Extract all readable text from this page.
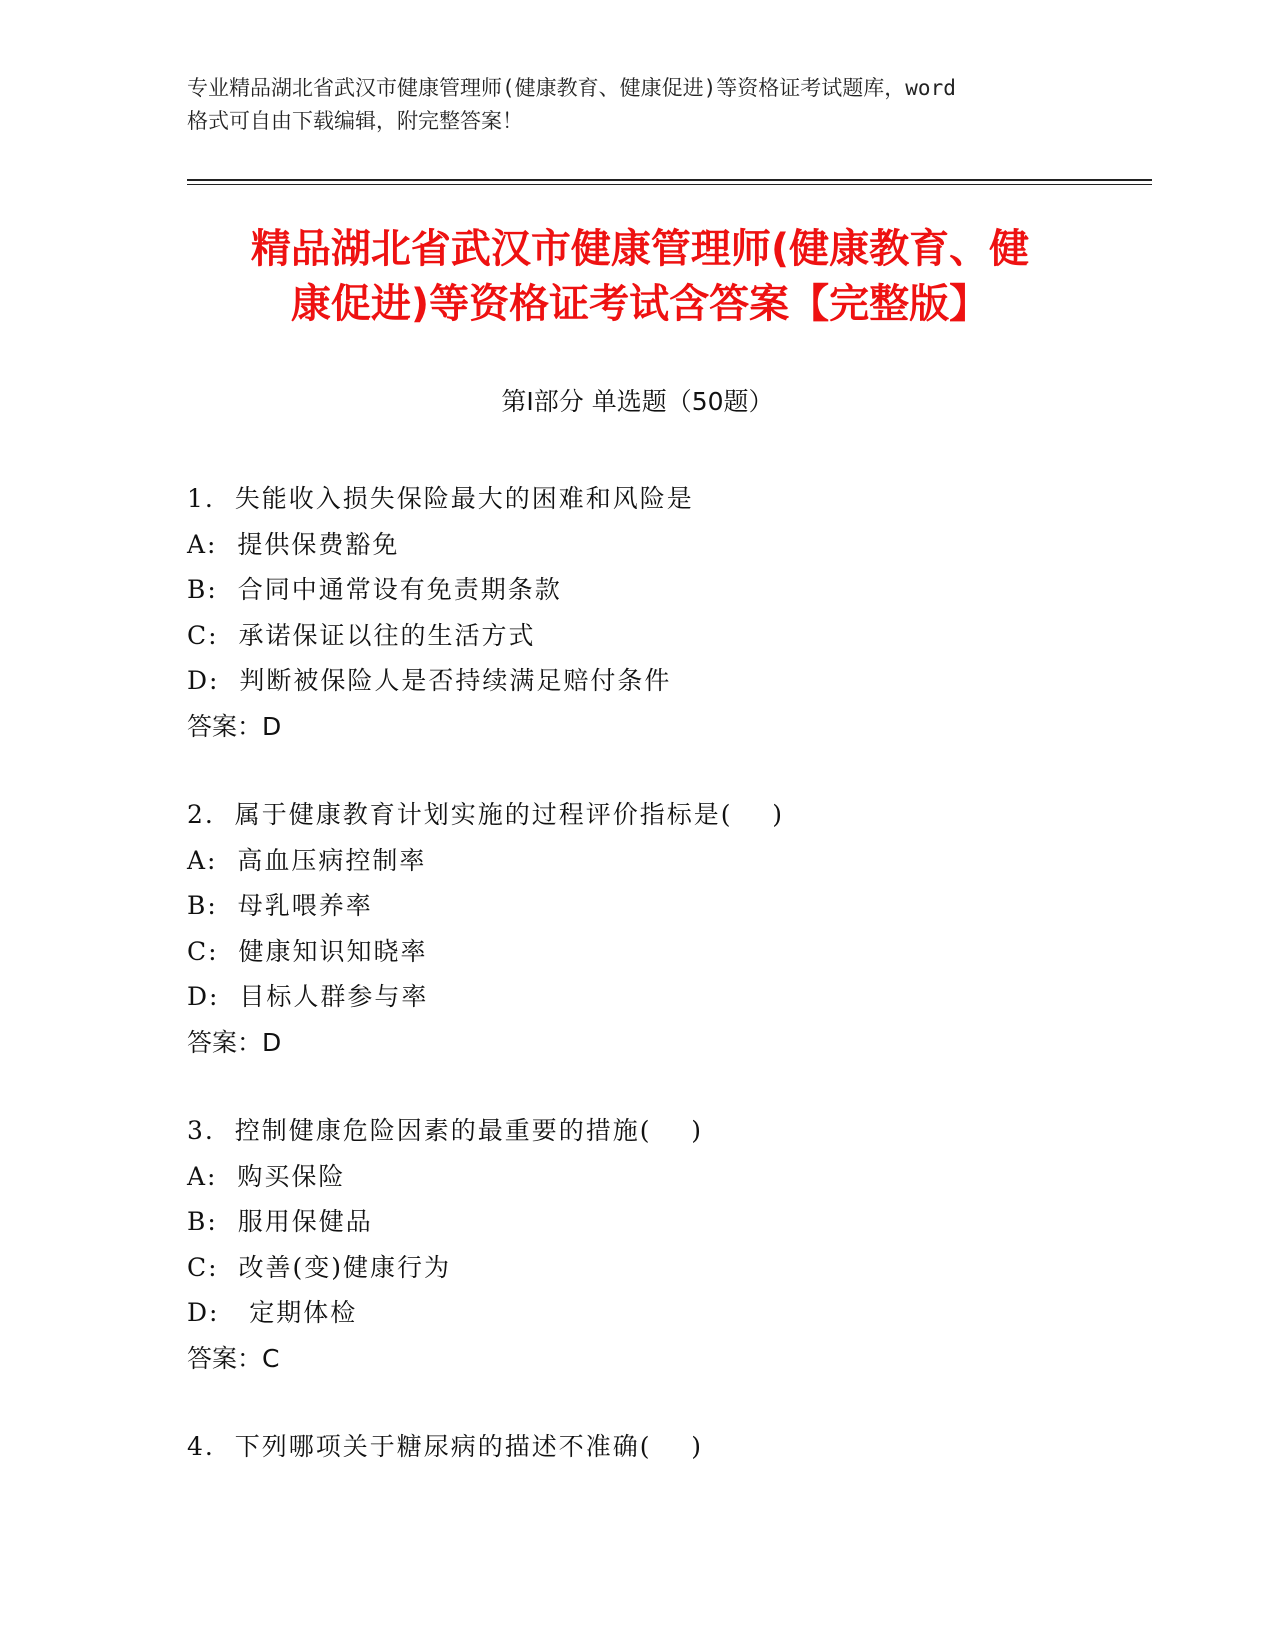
专业精品湖北省武汉市健康管理师(健康教育、健康促进)等资格证考试题库，word
格式可自由下载编辑，附完整答案！
精品湖北省武汉市健康管理师(健康教育、健
康促进)等资格证考试含答案【完整版】
第Ⅰ部分 单选题（50题）
1.  失能收入损失保险最大的困难和风险是
A:  提供保费豁免
B:  合同中通常设有免责期条款
C:  承诺保证以往的生活方式
D:  判断被保险人是否持续满足赔付条件
答案：D
2.  属于健康教育计划实施的过程评价指标是(    )
A:  高血压病控制率
B:  母乳喂养率
C:  健康知识知晓率
D:  目标人群参与率
答案：D
3.  控制健康危险因素的最重要的措施(    )
A:  购买保险
B:  服用保健品
C:  改善(变)健康行为
D:   定期体检
答案：C
4.  下列哪项关于糖尿病的描述不准确(    )
